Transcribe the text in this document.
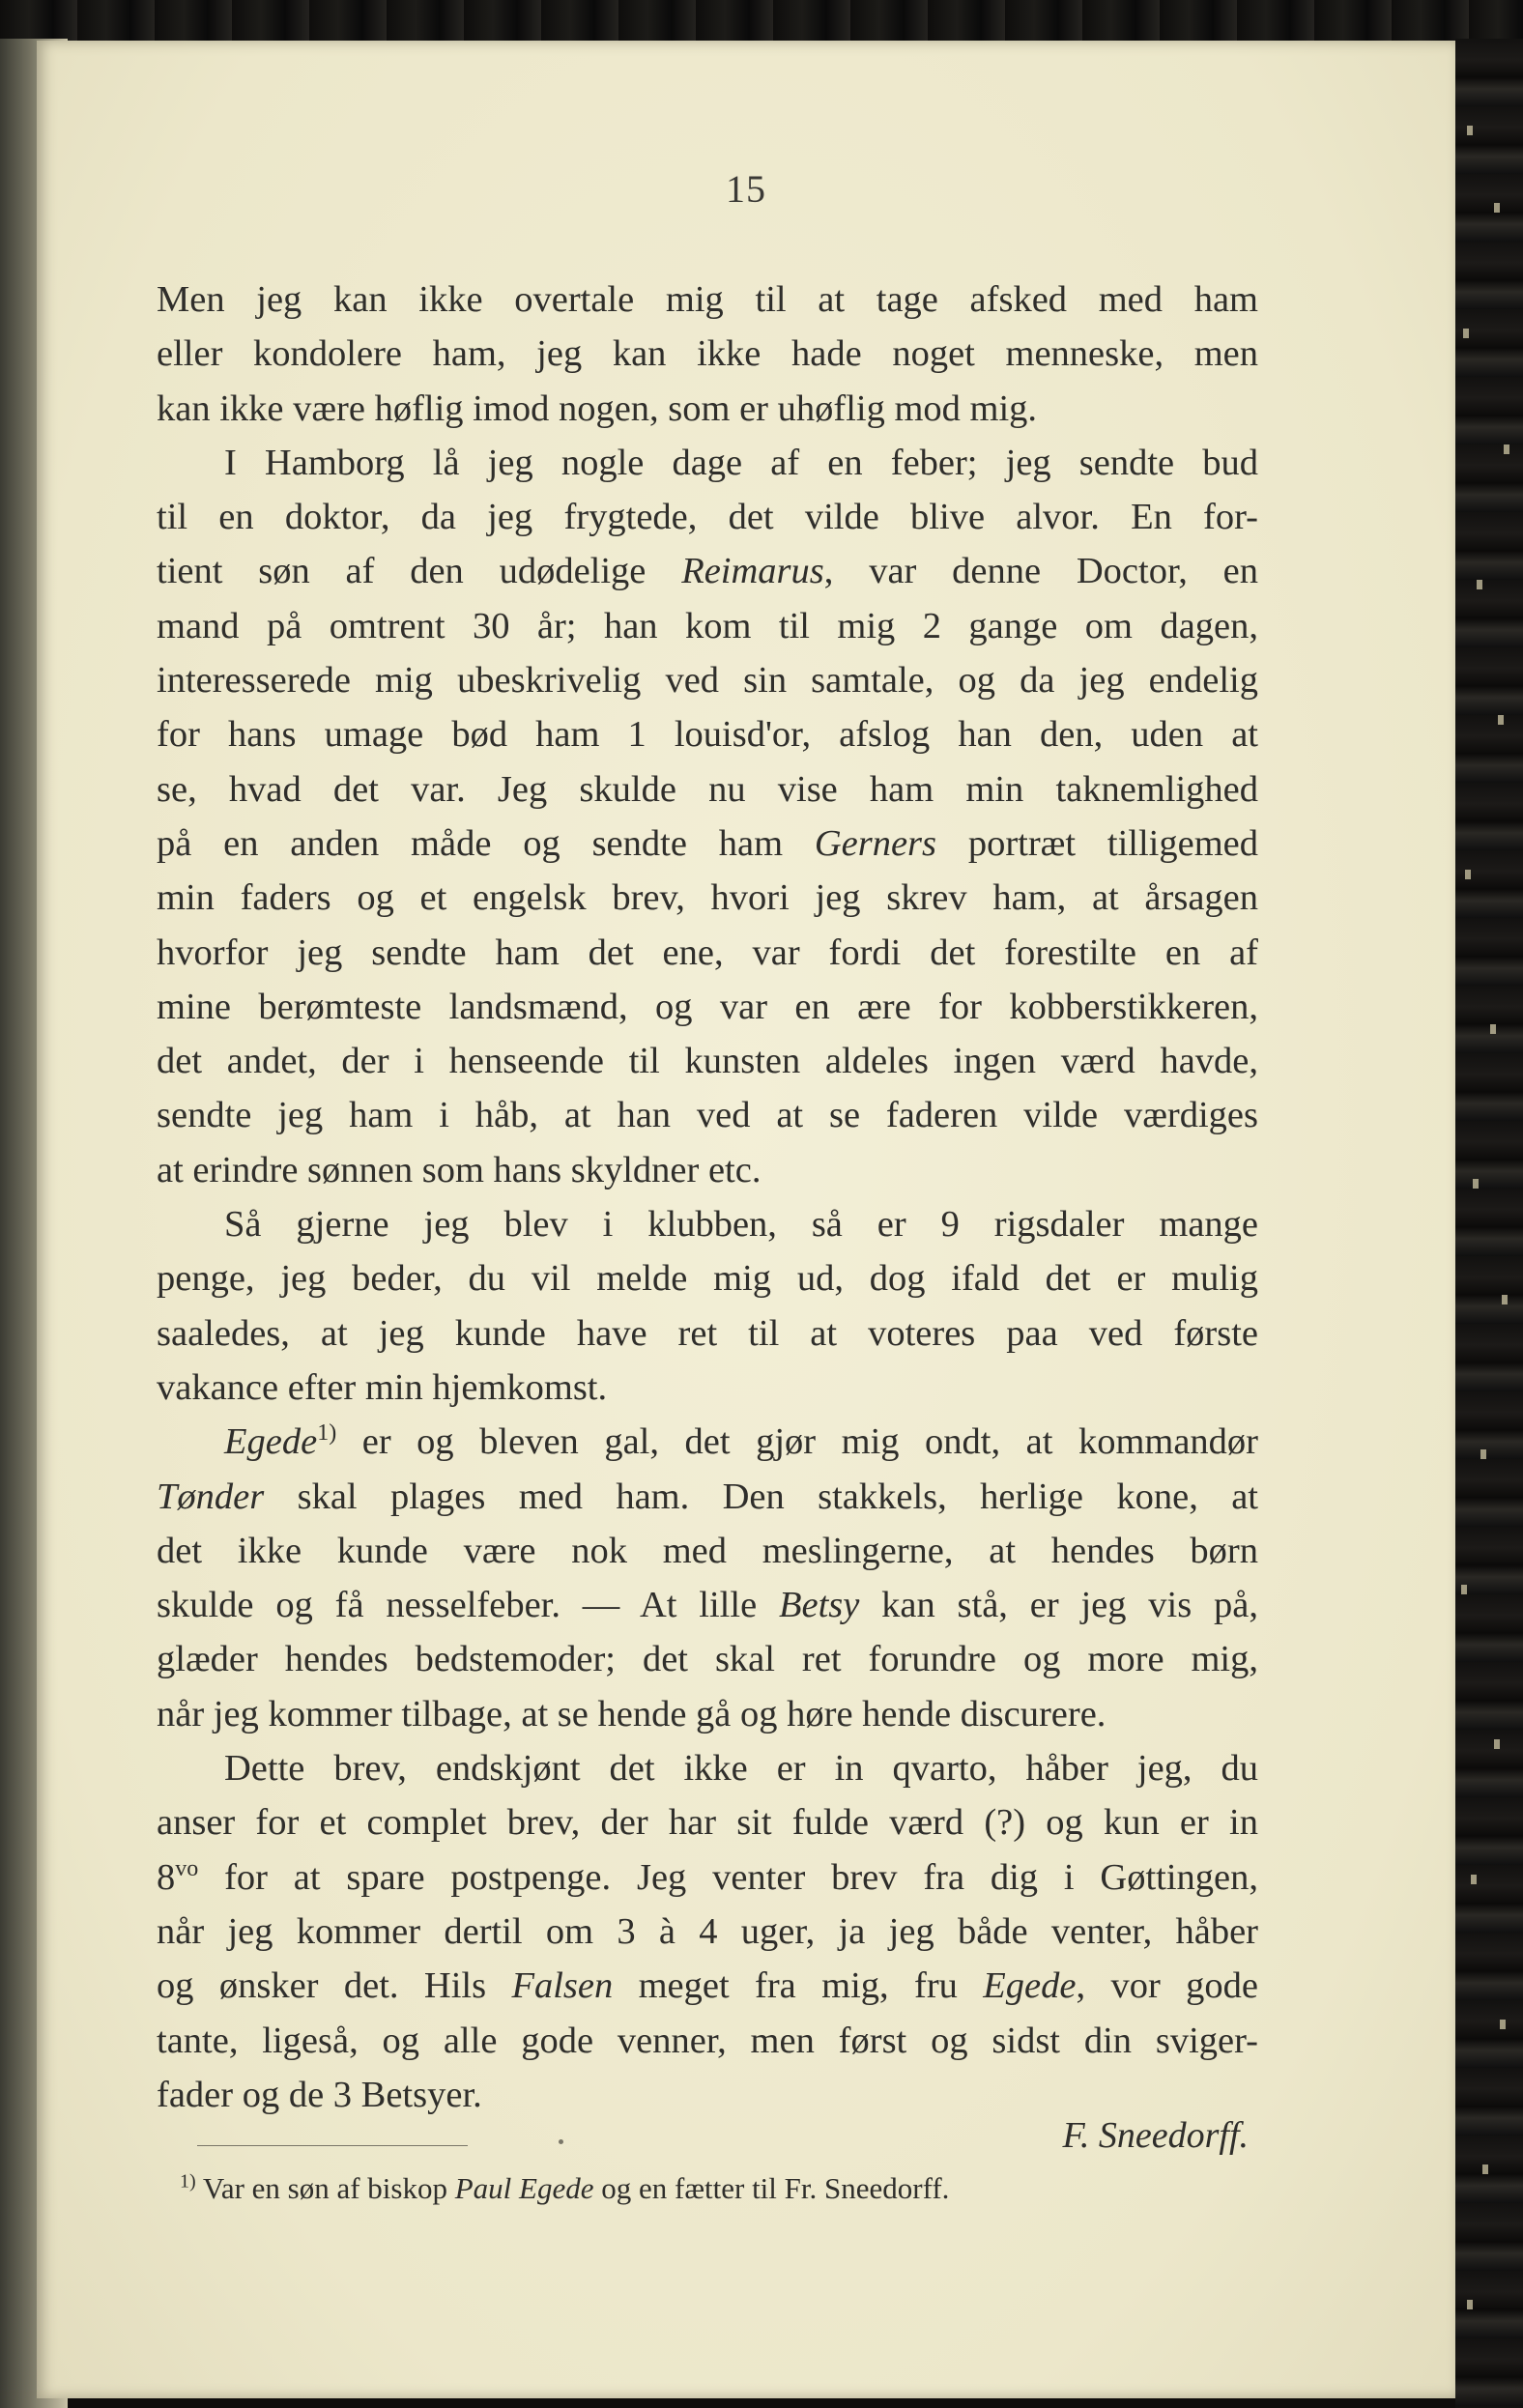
15
Men jeg kan ikke overtale mig til at tage afsked med ham
eller kondolere ham, jeg kan ikke hade noget menneske, men
kan ikke være høflig imod nogen, som er uhøflig mod mig.
I Hamborg lå jeg nogle dage af en feber; jeg sendte bud
til en doktor, da jeg frygtede, det vilde blive alvor. En for-
tient søn af den udødelige Reimarus, var denne Doctor, en
mand på omtrent 30 år; han kom til mig 2 gange om dagen,
interesserede mig ubeskrivelig ved sin samtale, og da jeg endelig
for hans umage bød ham 1 louisd'or, afslog han den, uden at
se, hvad det var. Jeg skulde nu vise ham min taknemlighed
på en anden måde og sendte ham Gerners portræt tilligemed
min faders og et engelsk brev, hvori jeg skrev ham, at årsagen
hvorfor jeg sendte ham det ene, var fordi det forestilte en af
mine berømteste landsmænd, og var en ære for kobberstikkeren,
det andet, der i henseende til kunsten aldeles ingen værd havde,
sendte jeg ham i håb, at han ved at se faderen vilde værdiges
at erindre sønnen som hans skyldner etc.
Så gjerne jeg blev i klubben, så er 9 rigsdaler mange
penge, jeg beder, du vil melde mig ud, dog ifald det er mulig
saaledes, at jeg kunde have ret til at voteres paa ved første
vakance efter min hjemkomst.
Egede$^{1)}$ er og bleven gal, det gjør mig ondt, at kommandør
Tønder skal plages med ham. Den stakkels, herlige kone, at
det ikke kunde være nok med meslingerne, at hendes børn
skulde og få nesselfeber. — At lille Betsy kan stå, er jeg vis på,
glæder hendes bedstemoder; det skal ret forundre og more mig,
når jeg kommer tilbage, at se hende gå og høre hende discurere.
Dette brev, endskjønt det ikke er in qvarto, håber jeg, du
anser for et complet brev, der har sit fulde værd (?) og kun er in
$8^{vo}$ for at spare postpenge. Jeg venter brev fra dig i Gøttingen,
når jeg kommer dertil om 3 à 4 uger, ja jeg både venter, håber
og ønsker det. Hils Falsen meget fra mig, fru Egede, vor gode
tante, ligeså, og alle gode venner, men først og sidst din sviger-
fader og de 3 Betsyer.
F. Sneedorff.
$^{1)}$ Var en søn af biskop Paul Egede og en fætter til Fr. Sneedorff.
